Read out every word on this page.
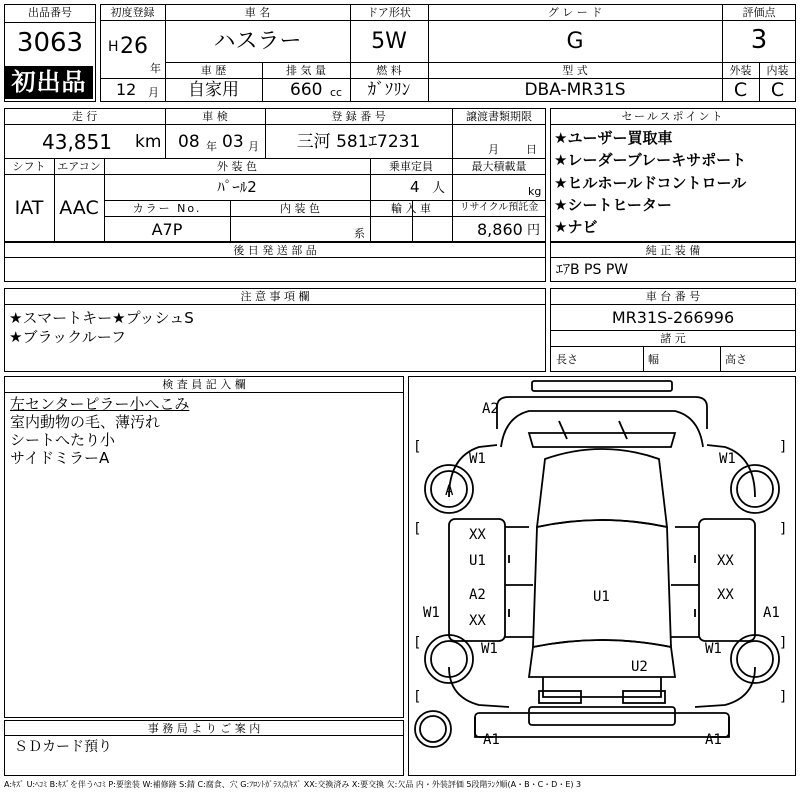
出品番号
3063
初出品
初度登録
H 26
年
12 月
車 名
ハスラー
ドア形状
5W
グ レ ー ド
G
評価点
3
車 歴
自家用
排 気 量
660 cc
燃 料
ｶﾞｿﾘﾝ
型 式
DBA-MR31S
外装
C
内装
C
走 行
43,851 km
車 検
08 年 03 月
登 録 番 号
三河 581ｴ7231
譲渡書類期限
月 日
シフト
IAT
エアコン
AAC
外 装 色
ﾊﾟｰﾙ2
乗車定員
4 人
最大積載量
kg
カラー No.
A7P
内 装 色
系
輸 入 車	リサイクル預託金
8,860 円
セールスポイント
★ユーザー買取車
★レーダーブレーキサポート
★ヒルホールドコントロール
★シートヒーター
★ナビ
後 日 発 送 部 品	純 正 装 備
ｴｱB PS PW
注 意 事 項 欄
★スマートキー★プッシュS
★ブラックルーフ
車 台 番 号
MR31S-266996
諸 元
長さ	幅	高さ
検 査 員 記 入 欄
左センターピラー小へこみ
室内動物の毛、薄汚れ
シートへたり小
サイドミラーA
事 務 局 よ り ご 案 内
ＳＤカード預り
A2
W1	W1
A
XX
U1	XX
A2
XX
U1	XX
W1	A1
W1	W1
U2
A1	A1
[	]
[	]
[	]
[	]
A:ｷｽﾞ U:ﾍｺﾐ B:ｷｽﾞを伴うﾍｺﾐ P:要塗装 W:補修跡 S:錆 C:腐食、穴 G:ﾌﾛﾝﾄｶﾞﾗｽ点ｷｽﾞ XX:交換済み X:要交換 欠:欠品 内・外装評価 5段階ﾗﾝｸ順(A・B・C・D・E) 3
